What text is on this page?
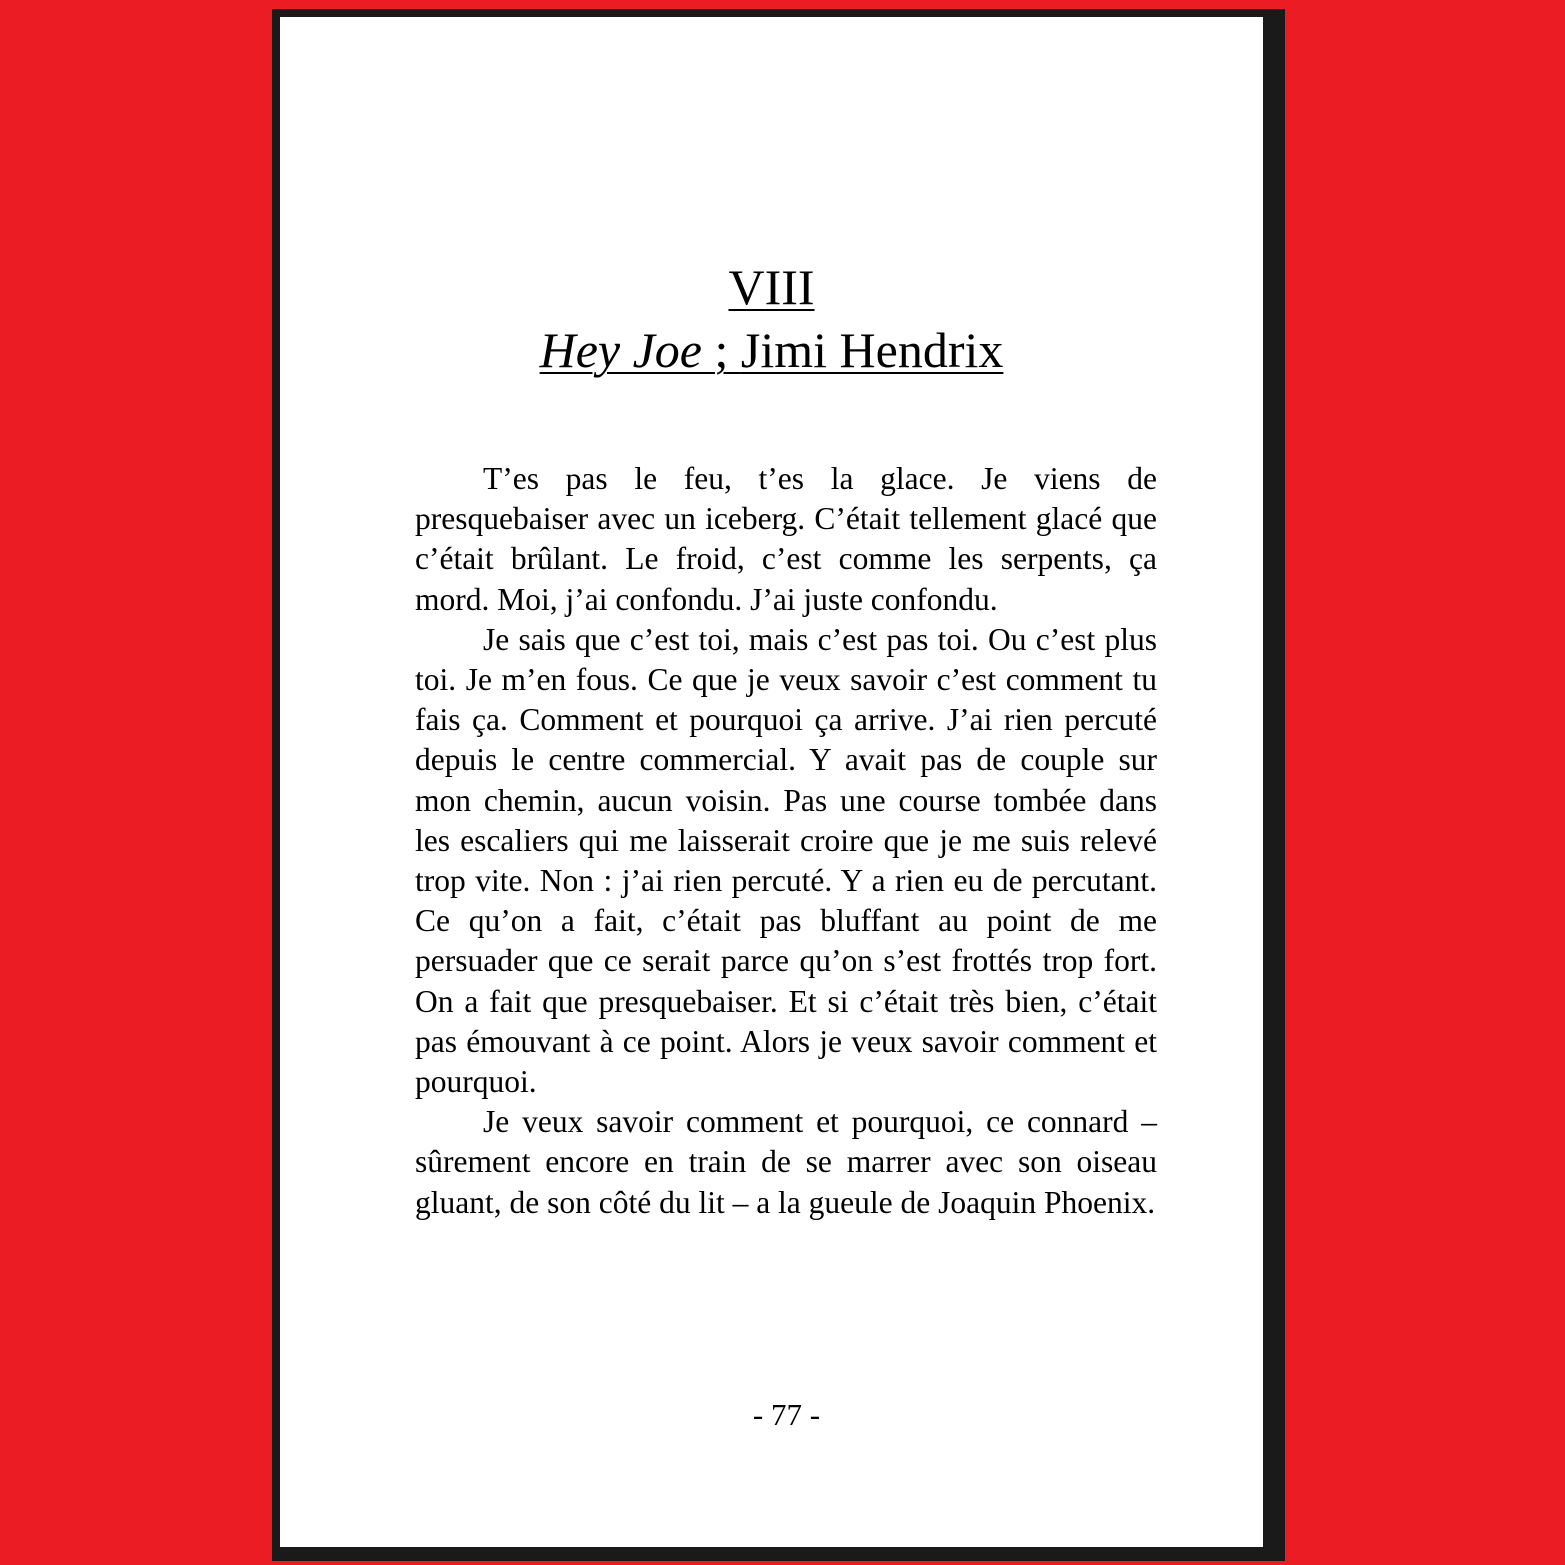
VIII
Hey Joe ; Jimi Hendrix

T’es pas le feu, t’es la glace. Je viens de presquebaiser avec un iceberg. C’était tellement glacé que c’était brûlant. Le froid, c’est comme les serpents, ça mord. Moi, j’ai confondu. J’ai juste confondu.

Je sais que c’est toi, mais c’est pas toi. Ou c’est plus toi. Je m’en fous. Ce que je veux savoir c’est comment tu fais ça. Comment et pourquoi ça arrive. J’ai rien percuté depuis le centre commercial. Y avait pas de couple sur mon chemin, aucun voisin. Pas une course tombée dans les escaliers qui me laisserait croire que je me suis relevé trop vite. Non : j’ai rien percuté. Y a rien eu de percutant. Ce qu’on a fait, c’était pas bluffant au point de me persuader que ce serait parce qu’on s’est frottés trop fort. On a fait que presquebaiser. Et si c’était très bien, c’était pas émouvant à ce point. Alors je veux savoir comment et pourquoi.

Je veux savoir comment et pourquoi, ce connard – sûrement encore en train de se marrer avec son oiseau gluant, de son côté du lit – a la gueule de Joaquin Phoenix.

- 77 -
